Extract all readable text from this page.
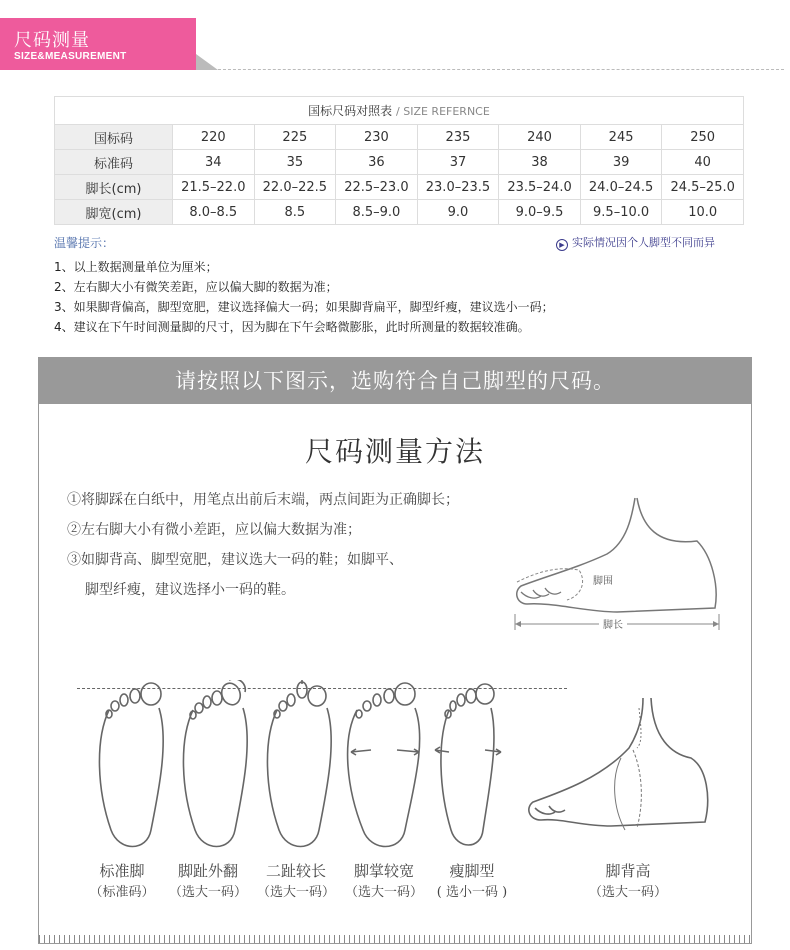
尺码测量
SIZE&MEASUREMENT
国标尺码对照表 / SIZE REFERNCE							
国标码	220	225	230	235	240	245	250
标准码	34	35	36	37	38	39	40
脚长(cm)	21.5–22.0	22.0–22.5	22.5–23.0	23.0–23.5	23.5–24.0	24.0–24.5	24.5–25.0
脚宽(cm)	8.0–8.5	8.5	8.5–9.0	9.0	9.0–9.5	9.5–10.0	10.0
温馨提示：	▶ 实际情况因个人脚型不同而异
1、以上数据测量单位为厘米；
2、左右脚大小有微笑差距，应以偏大脚的数据为准；
3、如果脚背偏高，脚型宽肥，建议选择偏大一码；如果脚背扁平，脚型纤瘦，建议选小一码；
4、建议在下午时间测量脚的尺寸，因为脚在下午会略微膨胀，此时所测量的数据较准确。
请按照以下图示，选购符合自己脚型的尺码。
尺码测量方法
①将脚踩在白纸中，用笔点出前后末端，两点间距为正确脚长；
②左右脚大小有微小差距，应以偏大数据为准；
③如脚背高、脚型宽肥，建议选大一码的鞋；如脚平、
脚型纤瘦，建议选择小一码的鞋。
脚围
脚长
标准脚
（标准码）
脚趾外翻
（选大一码）
二趾较长
（选大一码）
脚掌较宽
（选大一码）
瘦脚型
( 选小一码 )
脚背高
（选大一码）
